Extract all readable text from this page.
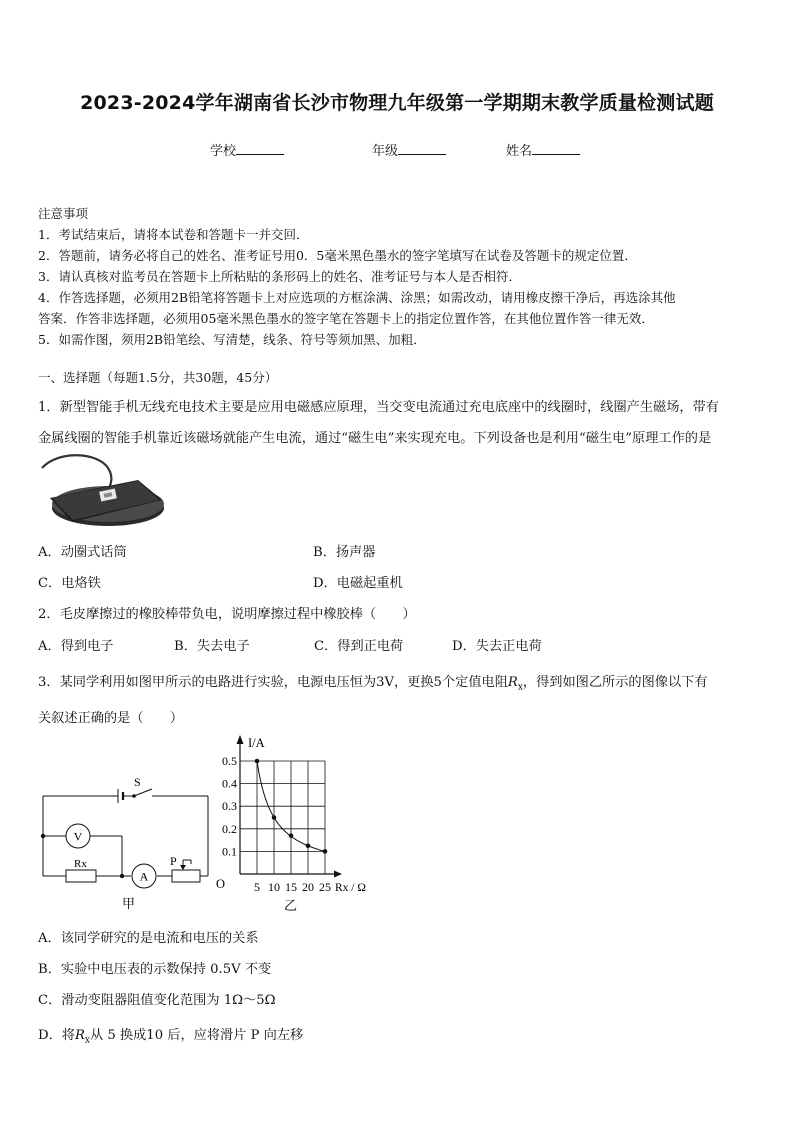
2023-2024学年湖南省长沙市物理九年级第一学期期末教学质量检测试题
学校	年级	姓名
注意事项
1．考试结束后，请将本试卷和答题卡一并交回．
2．答题前，请务必将自己的姓名、准考证号用0．5毫米黑色墨水的签字笔填写在试卷及答题卡的规定位置．
3．请认真核对监考员在答题卡上所粘贴的条形码上的姓名、准考证号与本人是否相符．
4．作答选择题，必须用2B铅笔将答题卡上对应选项的方框涂满、涂黑；如需改动，请用橡皮擦干净后，再选涂其他
答案．作答非选择题，必须用05毫米黑色墨水的签字笔在答题卡上的指定位置作答，在其他位置作答一律无效．
5．如需作图，须用2B铅笔绘、写清楚，线条、符号等须加黑、加粗．
一、选择题（每题1.5分，共30题，45分）
1．新型智能手机无线充电技术主要是应用电磁感应原理，当交变电流通过充电底座中的线圈时，线圈产生磁场，带有
金属线圈的智能手机靠近该磁场就能产生电流，通过“磁生电”来实现充电。下列设备也是利用“磁生电”原理工作的是
A．动圈式话筒	B．扬声器
C．电烙铁	D．电磁起重机
2．毛皮摩擦过的橡胶棒带负电，说明摩擦过程中橡胶棒（　　）
A．得到电子	B．失去电子	C．得到正电荷	D．失去正电荷
3．某同学利用如图甲所示的电路进行实验，电源电压恒为3V，更换5个定值电阻$R_x$，得到如图乙所示的图像以下有
关叙述正确的是（　　）
S
V
A
Rx	P
甲
5 10 15 20 25
0.1
0.2
0.3
0.4
0.5
I/A
Rx / Ω
O
乙
A．该同学研究的是电流和电压的关系
B．实验中电压表的示数保持 0.5V 不变
C．滑动变阻器阻值变化范围为 1Ω～5Ω
D．将$R_x$从 5 换成10 后，应将滑片 P 向左移
